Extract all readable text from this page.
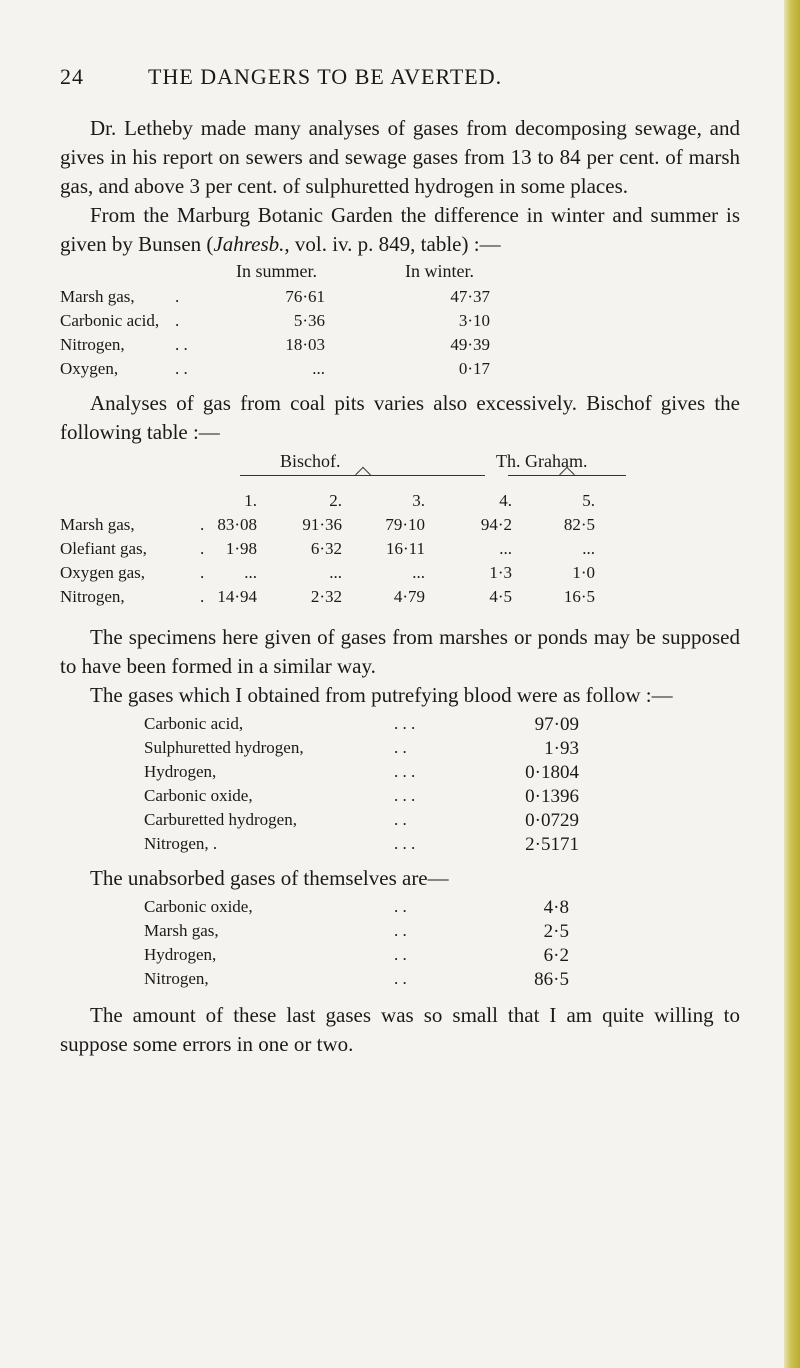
24	THE DANGERS TO BE AVERTED.

Dr. Letheby made many analyses of gases from decomposing sewage, and gives in his report on sewers and sewage gases from 13 to 84 per cent. of marsh gas, and above 3 per cent. of sulphuretted hydrogen in some places.

From the Marburg Botanic Garden the difference in winter and summer is given by Bunsen (Jahresb., vol. iv. p. 849, table) :—

In summer.	In winter.
Marsh gas, .	76·61	47·37
Carbonic acid, .	5·36	3·10
Nitrogen,	. .	18·03	49·39
Oxygen,	. .	...	0·17

Analyses of gas from coal pits varies also excessively. Bischof gives the following table :—

Bischof.	Th. Graham.
1.	2.	3.	4.	5.
Marsh gas,	. 83·08	91·36	79·10	94·2	82·5
Olefiant gas,	.	1·98	6·32	16·11	...	...
Oxygen gas,	.	...	...	...	1·3	1·0
Nitrogen,	. 14·94	2·32	4·79	4·5	16·5

The specimens here given of gases from marshes or ponds may be supposed to have been formed in a similar way.

The gases which I obtained from putrefying blood were as follow :—

Carbonic acid,	. . .	97·09
Sulphuretted hydrogen,	. .	1·93
Hydrogen,	. . .	0·1804
Carbonic oxide,	. . .	0·1396
Carburetted hydrogen,	. .	0·0729
Nitrogen, .	. . .	2·5171

The unabsorbed gases of themselves are—

Carbonic oxide,	. .	4·8
Marsh gas,	. .	2·5
Hydrogen,	. .	6·2
Nitrogen,	. .	86·5

The amount of these last gases was so small that I am quite willing to suppose some errors in one or two.
